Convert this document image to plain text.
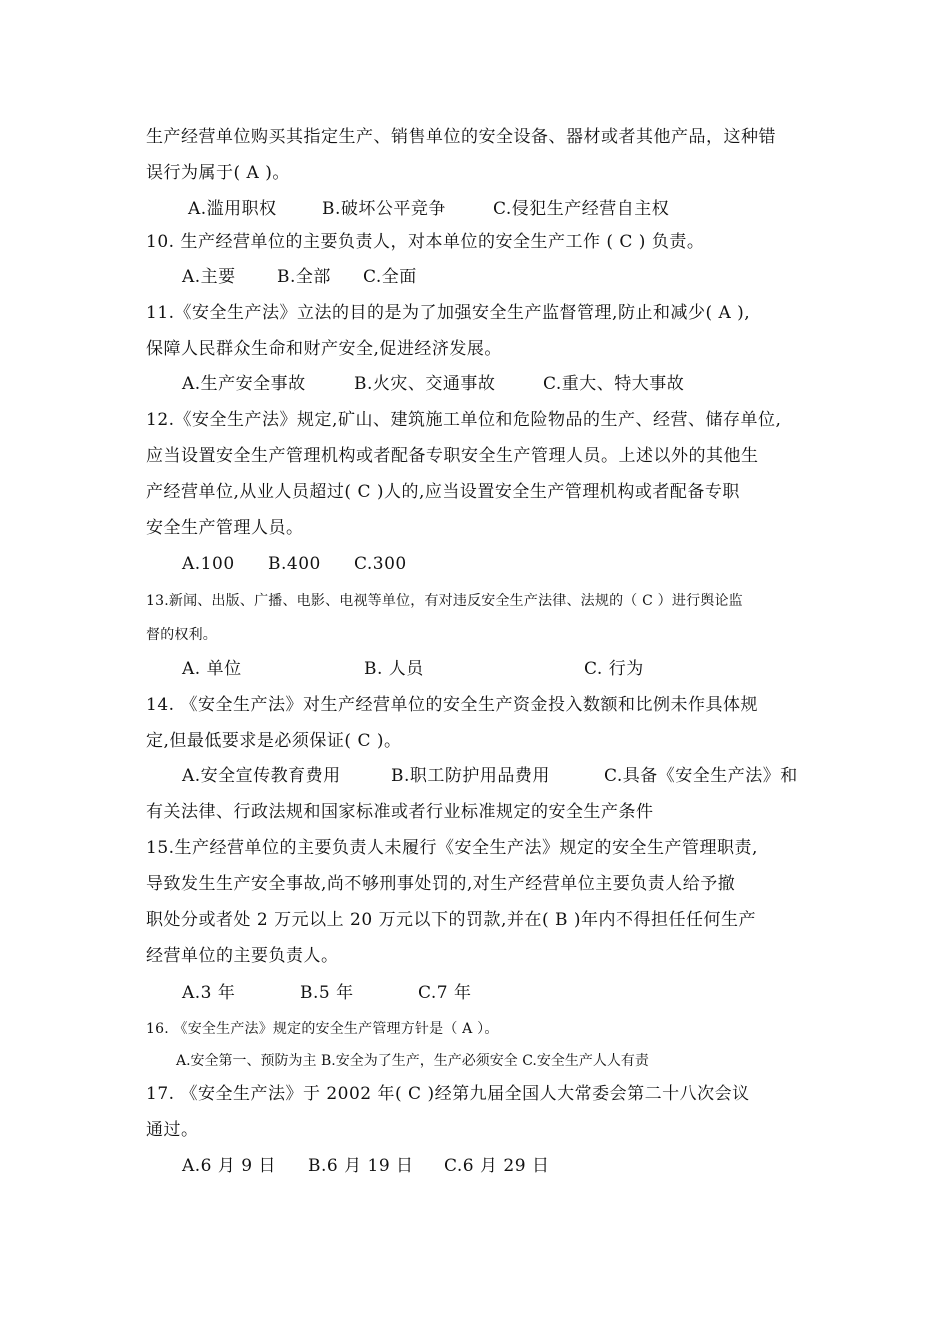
生产经营单位购买其指定生产、销售单位的安全设备、器材或者其他产品，这种错
误行为属于( A )。
A.滥用职权	B.破坏公平竞争	C.侵犯生产经营自主权
10. 生产经营单位的主要负责人，对本单位的安全生产工作 ( C ) 负责。
A.主要 B.全部 C.全面
11.《安全生产法》立法的目的是为了加强安全生产监督管理,防止和减少( A ),
保障人民群众生命和财产安全,促进经济发展。
A.生产安全事故	B.火灾、交通事故	C.重大、特大事故
12.《安全生产法》规定,矿山、建筑施工单位和危险物品的生产、经营、储存单位,
应当设置安全生产管理机构或者配备专职安全生产管理人员。上述以外的其他生
产经营单位,从业人员超过( C )人的,应当设置安全生产管理机构或者配备专职
安全生产管理人员。
A.100 B.400 C.300
13.新闻、出版、广播、电影、电视等单位，有对违反安全生产法律、法规的（ C ）进行舆论监
督的权利。
A. 单位	B. 人员	C. 行为
14. 《安全生产法》对生产经营单位的安全生产资金投入数额和比例未作具体规
定,但最低要求是必须保证( C )。
A.安全宣传教育费用	B.职工防护用品费用	C.具备《安全生产法》和
有关法律、行政法规和国家标准或者行业标准规定的安全生产条件
15.生产经营单位的主要负责人未履行《安全生产法》规定的安全生产管理职责,
导致发生生产安全事故,尚不够刑事处罚的,对生产经营单位主要负责人给予撤
职处分或者处 2 万元以上 20 万元以下的罚款,并在( B )年内不得担任任何生产
经营单位的主要负责人。
A.3 年	B.5 年	C.7 年
16. 《安全生产法》规定的安全生产管理方针是（ A ）。
A.安全第一、预防为主 B.安全为了生产，生产必须安全 C.安全生产人人有责
17. 《安全生产法》于 2002 年( C )经第九届全国人大常委会第二十八次会议
通过。
A.6 月 9 日 B.6 月 19 日 C.6 月 29 日
